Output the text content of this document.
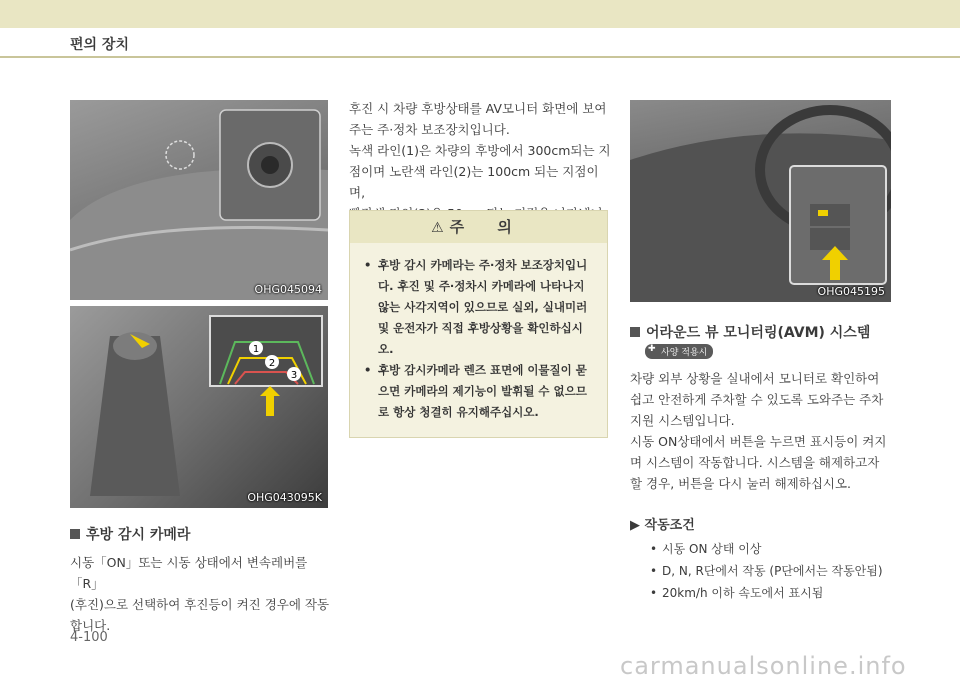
편의 장치
OHG045094
1
2
3
OHG043095K
후방 감시 카메라
시동「ON」또는 시동 상태에서 변속레버를「R」
(후진)으로 선택하여 후진등이 켜진 경우에 작동
합니다.
후진 시 차량 후방상태를 AV모니터 화면에 보여
주는 주·정차 보조장치입니다.
녹색 라인(1)은 차량의 후방에서 300cm되는 지
점이며 노란색 라인(2)는 100cm 되는 지점이며,
⚠ 주 의
• 후방 감시 카메라는 주·정차 보조장치입니다. 후진 및 주·정차시 카메라에 나타나지 않는 사각지역이 있으므로 실외, 실내미러 및 운전자가 직접 후방상황을 확인하십시오.
• 후방 감시카메라 렌즈 표면에 이물질이 묻으면 카메라의 제기능이 발휘될 수 없으므로 항상 청결히 유지해주십시오.
OHG045195
어라운드 뷰 모니터링(AVM) 시스템
✚ 사양 적용시
차량 외부 상황을 실내에서 모니터로 확인하여
쉽고 안전하게 주차할 수 있도록 도와주는 주차
지원 시스템입니다.
시동 ON상태에서 버튼을 누르면 표시등이 켜지
며 시스템이 작동합니다. 시스템을 해제하고자
할 경우, 버튼을 다시 눌러 해제하십시오.
▶ 작동조건
• 시동 ON 상태 이상
• D, N, R단에서 작동 (P단에서는 작동안됨)
• 20km/h 이하 속도에서 표시됨
4-100
carmanualsonline.info
